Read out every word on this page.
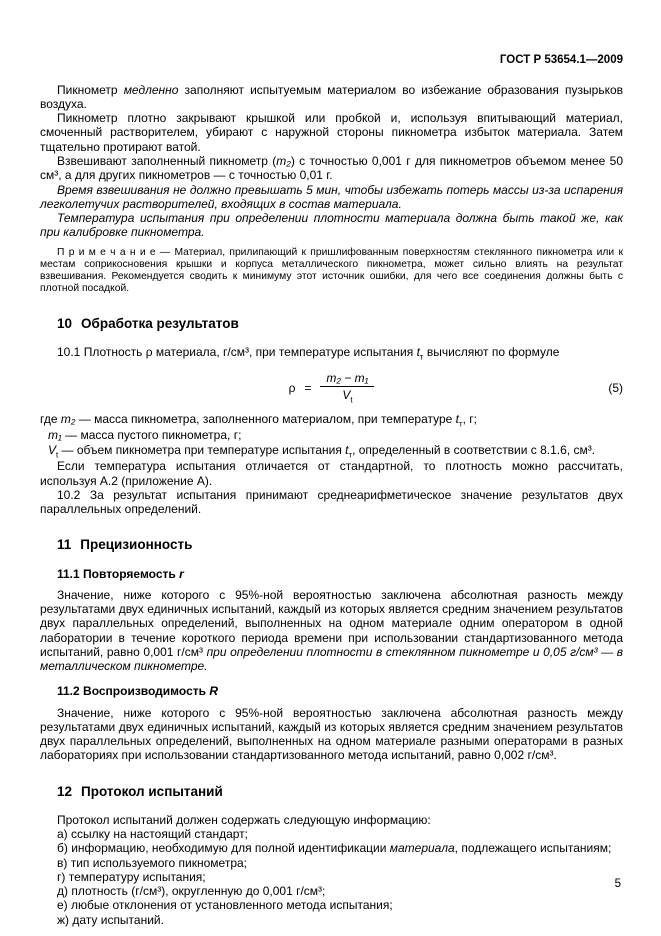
ГОСТ Р 53654.1—2009

Пикнометр медленно заполняют испытуемым материалом во избежание образования пузырьков воздуха.

Пикнометр плотно закрывают крышкой или пробкой и, используя впитывающий материал, смоченный растворителем, убирают с наружной стороны пикнометра избыток материала. Затем тщательно протирают ватой.

Взвешивают заполненный пикнометр (m₂) с точностью 0,001 г для пикнометров объемом менее 50 см³, а для других пикнометров — с точностью 0,01 г.

Время взвешивания не должно превышать 5 мин, чтобы избежать потерь массы из-за испарения легколетучих растворителей, входящих в состав материала.

Температура испытания при определении плотности материала должна быть такой же, как при калибровке пикнометра.

П р и м е ч а н и е — Материал, прилипающий к пришлифованным поверхностям стеклянного пикнометра или к местам соприкосновения крышки и корпуса металлического пикнометра, может сильно влиять на результат взвешивания. Рекомендуется сводить к минимуму этот источник ошибки, для чего все соединения должны быть с плотной посадкой.

10 Обработка результатов

10.1 Плотность ρ материала, г/см³, при температуре испытания $t_т$ вычисляют по формуле

$\rho = \frac{\text{m₂ − m₁}}{V_t}$	(5)

где m₂ — масса пикнометра, заполненного материалом, при температуре $t_т$, г;

m₁ — масса пустого пикнометра, г;

$V_t$ — объем пикнометра при температуре испытания $t_т$, определенный в соответствии с 8.1.6, см³.

Если температура испытания отличается от стандартной, то плотность можно рассчитать, используя А.2 (приложение А).

10.2 За результат испытания принимают среднеарифметическое значение результатов двух параллельных определений.

11 Прецизионность

11.1 Повторяемость r

Значение, ниже которого с 95%-ной вероятностью заключена абсолютная разность между результатами двух единичных испытаний, каждый из которых является средним значением результатов двух параллельных определений, выполненных на одном материале одним оператором в одной лаборатории в течение короткого периода времени при использовании стандартизованного метода испытаний, равно 0,001 г/см³ при определении плотности в стеклянном пикнометре и 0,05 г/см³ — в металлическом пикнометре.

11.2 Воспроизводимость R

Значение, ниже которого с 95%-ной вероятностью заключена абсолютная разность между результатами двух единичных испытаний, каждый из которых является средним значением результатов двух параллельных определений, выполненных на одном материале разными операторами в разных лабораториях при использовании стандартизованного метода испытаний, равно 0,002 г/см³.

12 Протокол испытаний

Протокол испытаний должен содержать следующую информацию:

а) ссылку на настоящий стандарт;

б) информацию, необходимую для полной идентификации материала, подлежащего испытаниям;

в) тип используемого пикнометра;

г) температуру испытания;

д) плотность (г/см³), округленную до 0,001 г/см³;

е) любые отклонения от установленного метода испытания;

ж) дату испытаний.

5
